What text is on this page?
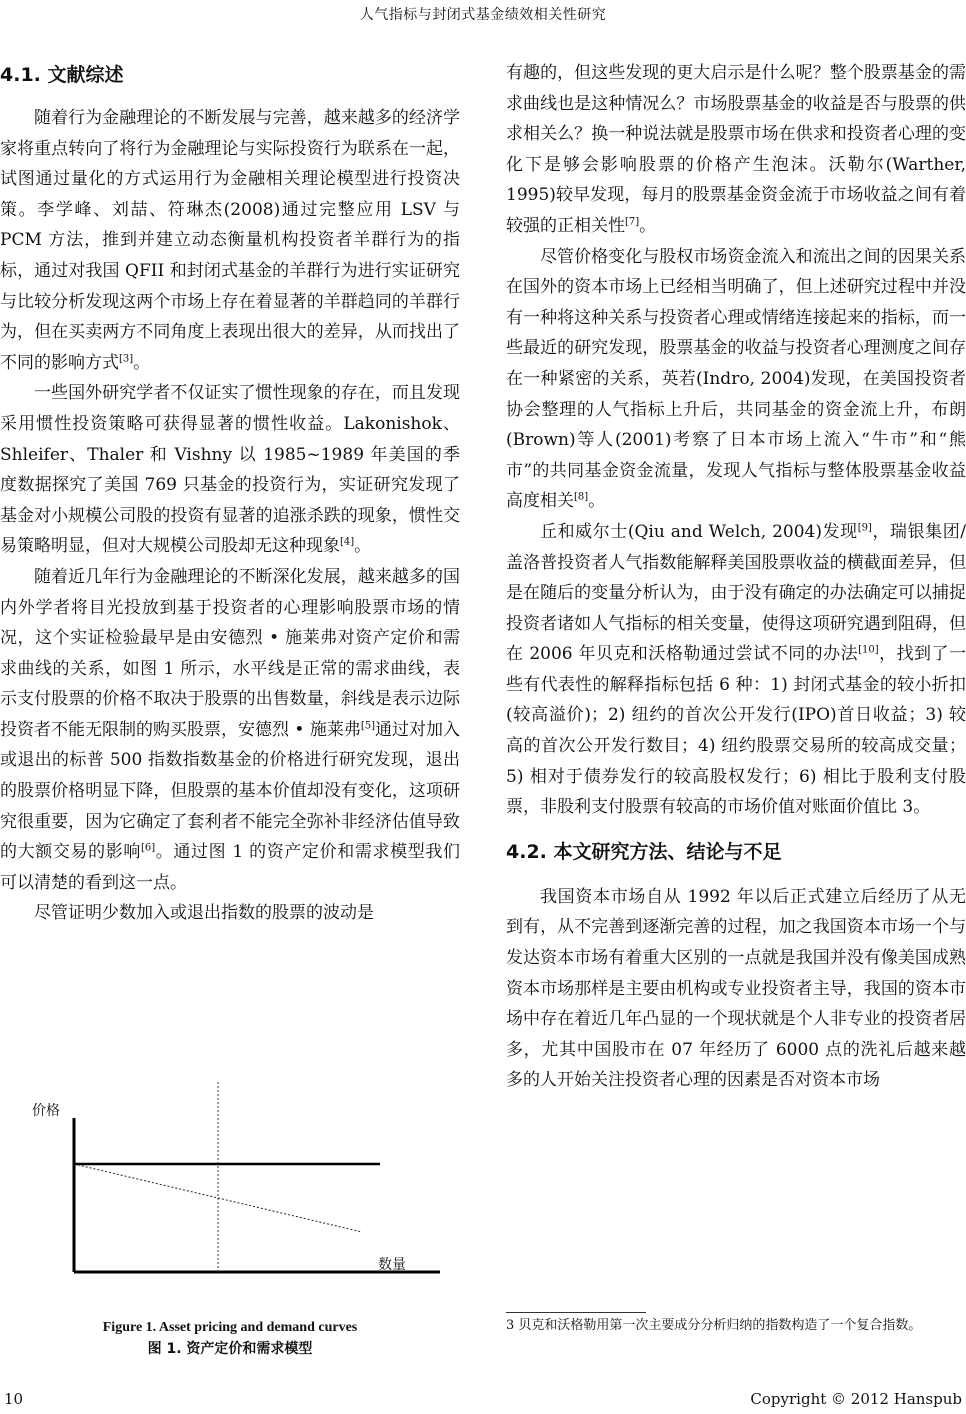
人气指标与封闭式基金绩效相关性研究
4.1. 文献综述

随着行为金融理论的不断发展与完善，越来越多的经济学家将重点转向了将行为金融理论与实际投资行为联系在一起，试图通过量化的方式运用行为金融相关理论模型进行投资决策。李学峰、刘喆、符琳杰(2008)通过完整应用 LSV 与 PCM 方法，推到并建立动态衡量机构投资者羊群行为的指标，通过对我国 QFII 和封闭式基金的羊群行为进行实证研究与比较分析发现这两个市场上存在着显著的羊群趋同的羊群行为，但在买卖两方不同角度上表现出很大的差异，从而找出了不同的影响方式[3]。

一些国外研究学者不仅证实了惯性现象的存在，而且发现采用惯性投资策略可获得显著的惯性收益。Lakonishok、Shleifer、Thaler 和 Vishny 以 1985~1989 年美国的季度数据探究了美国 769 只基金的投资行为，实证研究发现了基金对小规模公司股的投资有显著的追涨杀跌的现象，惯性交易策略明显，但对大规模公司股却无这种现象[4]。

随着近几年行为金融理论的不断深化发展，越来越多的国内外学者将目光投放到基于投资者的心理影响股票市场的情况，这个实证检验最早是由安德烈 • 施莱弗对资产定价和需求曲线的关系，如图 1 所示，水平线是正常的需求曲线，表示支付股票的价格不取决于股票的出售数量，斜线是表示边际投资者不能无限制的购买股票，安德烈 • 施莱弗[5]通过对加入或退出的标普 500 指数指数基金的价格进行研究发现，退出的股票价格明显下降，但股票的基本价值却没有变化，这项研究很重要，因为它确定了套利者不能完全弥补非经济估值导致的大额交易的影响[6]。通过图 1 的资产定价和需求模型我们可以清楚的看到这一点。

尽管证明少数加入或退出指数的股票的波动是

价格
数量
Figure 1. Asset pricing and demand curves
图 1. 资产定价和需求模型

有趣的，但这些发现的更大启示是什么呢？整个股票基金的需求曲线也是这种情况么？市场股票基金的收益是否与股票的供求相关么？换一种说法就是股票市场在供求和投资者心理的变化下是够会影响股票的价格产生泡沫。沃勒尔(Warther, 1995)较早发现，每月的股票基金资金流于市场收益之间有着较强的正相关性[7]。

尽管价格变化与股权市场资金流入和流出之间的因果关系在国外的资本市场上已经相当明确了，但上述研究过程中并没有一种将这种关系与投资者心理或情绪连接起来的指标，而一些最近的研究发现，股票基金的收益与投资者心理测度之间存在一种紧密的关系，英若(Indro, 2004)发现，在美国投资者协会整理的人气指标上升后，共同基金的资金流上升，布朗(Brown)等人(2001)考察了日本市场上流入“牛市”和“熊市”的共同基金资金流量，发现人气指标与整体股票基金收益高度相关[8]。

丘和威尔士(Qiu and Welch, 2004)发现[9]，瑞银集团/盖洛普投资者人气指数能解释美国股票收益的横截面差异，但是在随后的变量分析认为，由于没有确定的办法确定可以捕捉投资者诸如人气指标的相关变量，使得这项研究遇到阻碍，但在 2006 年贝克和沃格勒通过尝试不同的办法[10]，找到了一些有代表性的解释指标包括 6 种：1) 封闭式基金的较小折扣(较高溢价)；2) 纽约的首次公开发行(IPO)首日收益；3) 较高的首次公开发行数目；4) 纽约股票交易所的较高成交量；5) 相对于债券发行的较高股权发行；6) 相比于股利支付股票，非股利支付股票有较高的市场价值对账面价值比 3。

4.2. 本文研究方法、结论与不足

我国资本市场自从 1992 年以后正式建立后经历了从无到有，从不完善到逐渐完善的过程，加之我国资本市场一个与发达资本市场有着重大区别的一点就是我国并没有像美国成熟资本市场那样是主要由机构或专业投资者主导，我国的资本市场中存在着近几年凸显的一个现状就是个人非专业的投资者居多，尤其中国股市在 07 年经历了 6000 点的洗礼后越来越多的人开始关注投资者心理的因素是否对资本市场

3 贝克和沃格勒用第一次主要成分分析归纳的指数构造了一个复合指数。
10	Copyright © 2012 Hanspub
